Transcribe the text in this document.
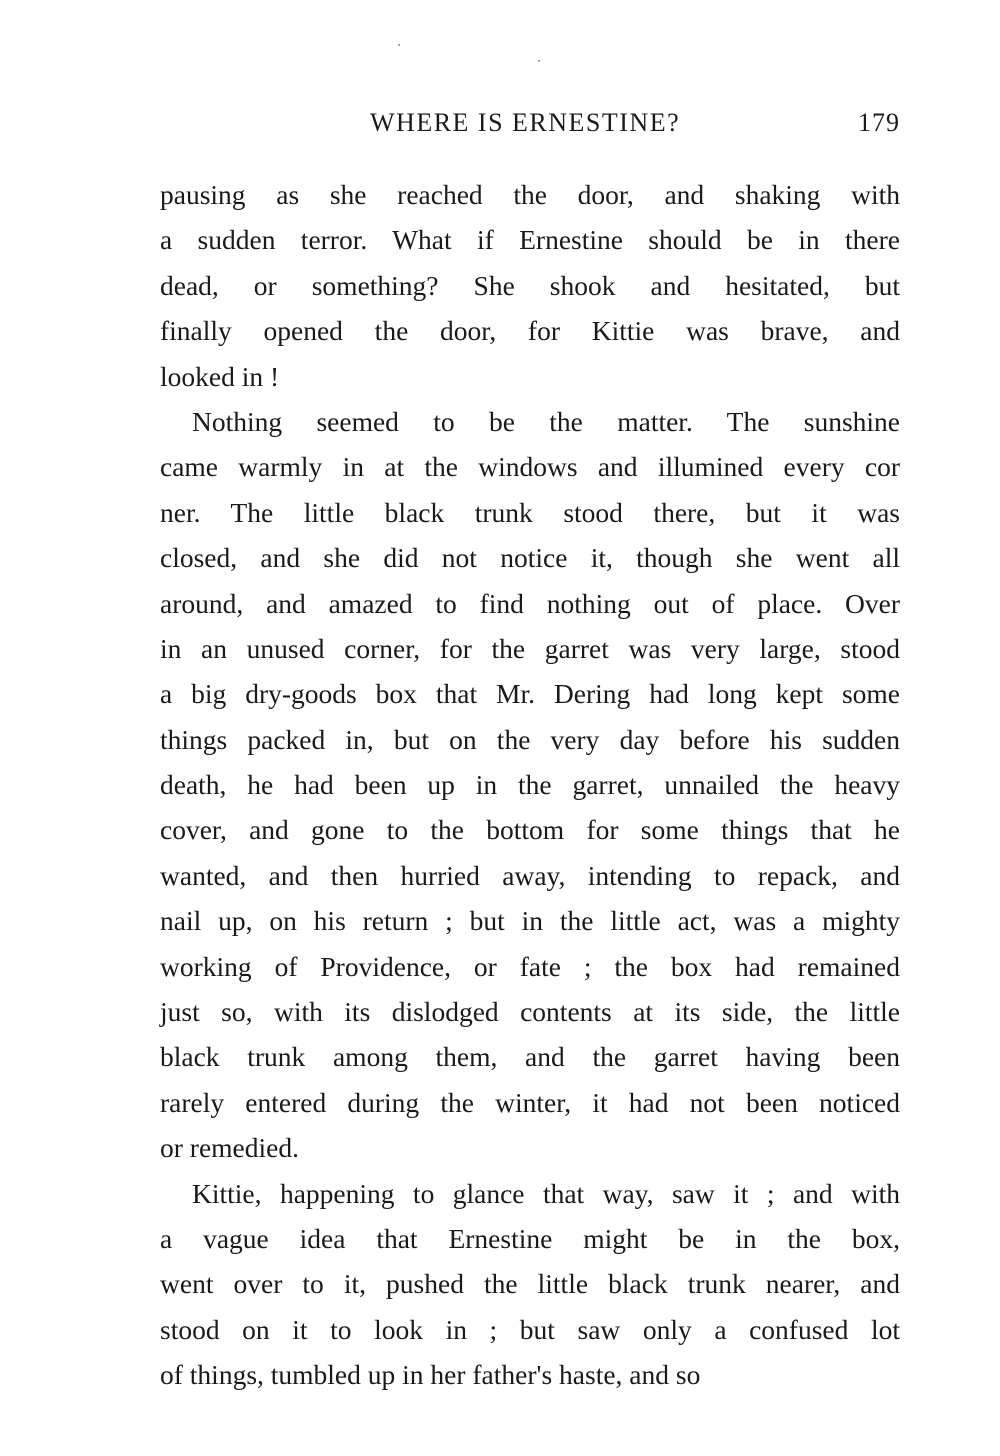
WHERE IS ERNESTINE?	179
pausing as she reached the door, and shaking with
a sudden terror. What if Ernestine should be in there
dead, or something? She shook and hesitated, but
finally opened the door, for Kittie was brave, and
looked in !
Nothing seemed to be the matter. The sunshine
came warmly in at the windows and illumined every cor
ner. The little black trunk stood there, but it was
closed, and she did not notice it, though she went all
around, and amazed to find nothing out of place. Over
in an unused corner, for the garret was very large, stood
a big dry-goods box that Mr. Dering had long kept some
things packed in, but on the very day before his sudden
death, he had been up in the garret, unnailed the heavy
cover, and gone to the bottom for some things that he
wanted, and then hurried away, intending to repack, and
nail up, on his return ; but in the little act, was a mighty
working of Providence, or fate ; the box had remained
just so, with its dislodged contents at its side, the little
black trunk among them, and the garret having been
rarely entered during the winter, it had not been noticed
or remedied.
Kittie, happening to glance that way, saw it ; and with
a vague idea that Ernestine might be in the box,
went over to it, pushed the little black trunk nearer, and
stood on it to look in ; but saw only a confused lot
of things, tumbled up in her father's haste, and so
